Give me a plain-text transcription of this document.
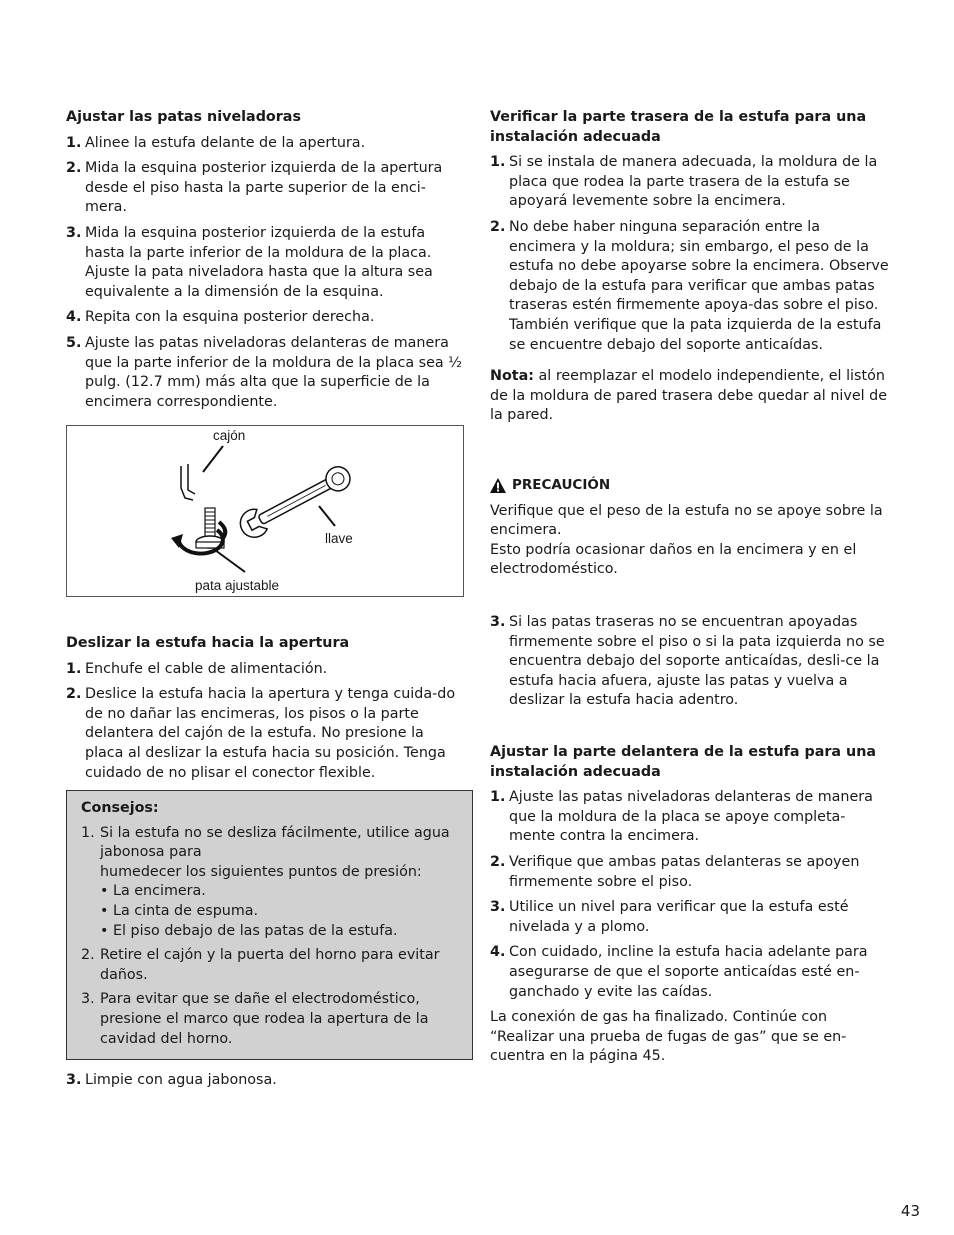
Ajustar las patas niveladoras
1. Alinee la estufa delante de la apertura.
2. Mida la esquina posterior izquierda de la apertura desde el piso hasta la parte superior de la enci-mera.
3. Mida la esquina posterior izquierda de la estufa hasta la parte inferior de la moldura de la placa. Ajuste la pata niveladora hasta que la altura sea equivalente a la dimensión de la esquina.
4. Repita con la esquina posterior derecha.
5. Ajuste las patas niveladoras delanteras de manera que la parte inferior de la moldura de la placa sea ½ pulg. (12.7 mm) más alta que la superficie de la encimera correspondiente.
cajón
llave
pata ajustable
Deslizar la estufa hacia la apertura
1. Enchufe el cable de alimentación.
2. Deslice la estufa hacia la apertura y tenga cuida-do de no dañar las encimeras, los pisos o la parte delantera del cajón de la estufa. No presione la placa al deslizar la estufa hacia su posición. Tenga cuidado de no plisar el conector flexible.
Consejos:
1. Si la estufa no se desliza fácilmente, utilice agua jabonosa para
humedecer los siguientes puntos de presión:
• La encimera.
• La cinta de espuma.
• El piso debajo de las patas de la estufa.
2. Retire el cajón y la puerta del horno para evitar daños.
3. Para evitar que se dañe el electrodoméstico, presione el marco que rodea la apertura de la cavidad del horno.
3. Limpie con agua jabonosa.
Verificar la parte trasera de la estufa para una instalación adecuada
1. Si se instala de manera adecuada, la moldura de la placa que rodea la parte trasera de la estufa se apoyará levemente sobre la encimera.
2. No debe haber ninguna separación entre la encimera y la moldura; sin embargo, el peso de la estufa no debe apoyarse sobre la encimera. Observe debajo de la estufa para verificar que ambas patas traseras estén firmemente apoya-das sobre el piso. También verifique que la pata izquierda de la estufa se encuentre debajo del soporte anticaídas.

Nota: al reemplazar el modelo independiente, el listón de la moldura de pared trasera debe quedar al nivel de la pared.

PRECAUCIÓN
Verifique que el peso de la estufa no se apoye sobre la encimera.
Esto podría ocasionar daños en la encimera y en el electrodoméstico.
3. Si las patas traseras no se encuentran apoyadas firmemente sobre el piso o si la pata izquierda no se encuentra debajo del soporte anticaídas, desli-ce la estufa hacia afuera, ajuste las patas y vuelva a deslizar la estufa hacia adentro.
Ajustar la parte delantera de la estufa para una instalación adecuada
1. Ajuste las patas niveladoras delanteras de manera que la moldura de la placa se apoye completa-mente contra la encimera.
2. Verifique que ambas patas delanteras se apoyen firmemente sobre el piso.
3. Utilice un nivel para verificar que la estufa esté nivelada y a plomo.
4. Con cuidado, incline la estufa hacia adelante para asegurarse de que el soporte anticaídas esté en-ganchado y evite las caídas.

La conexión de gas ha finalizado. Continúe con “Realizar una prueba de fugas de gas” que se en-cuentra en la página 45.

43
